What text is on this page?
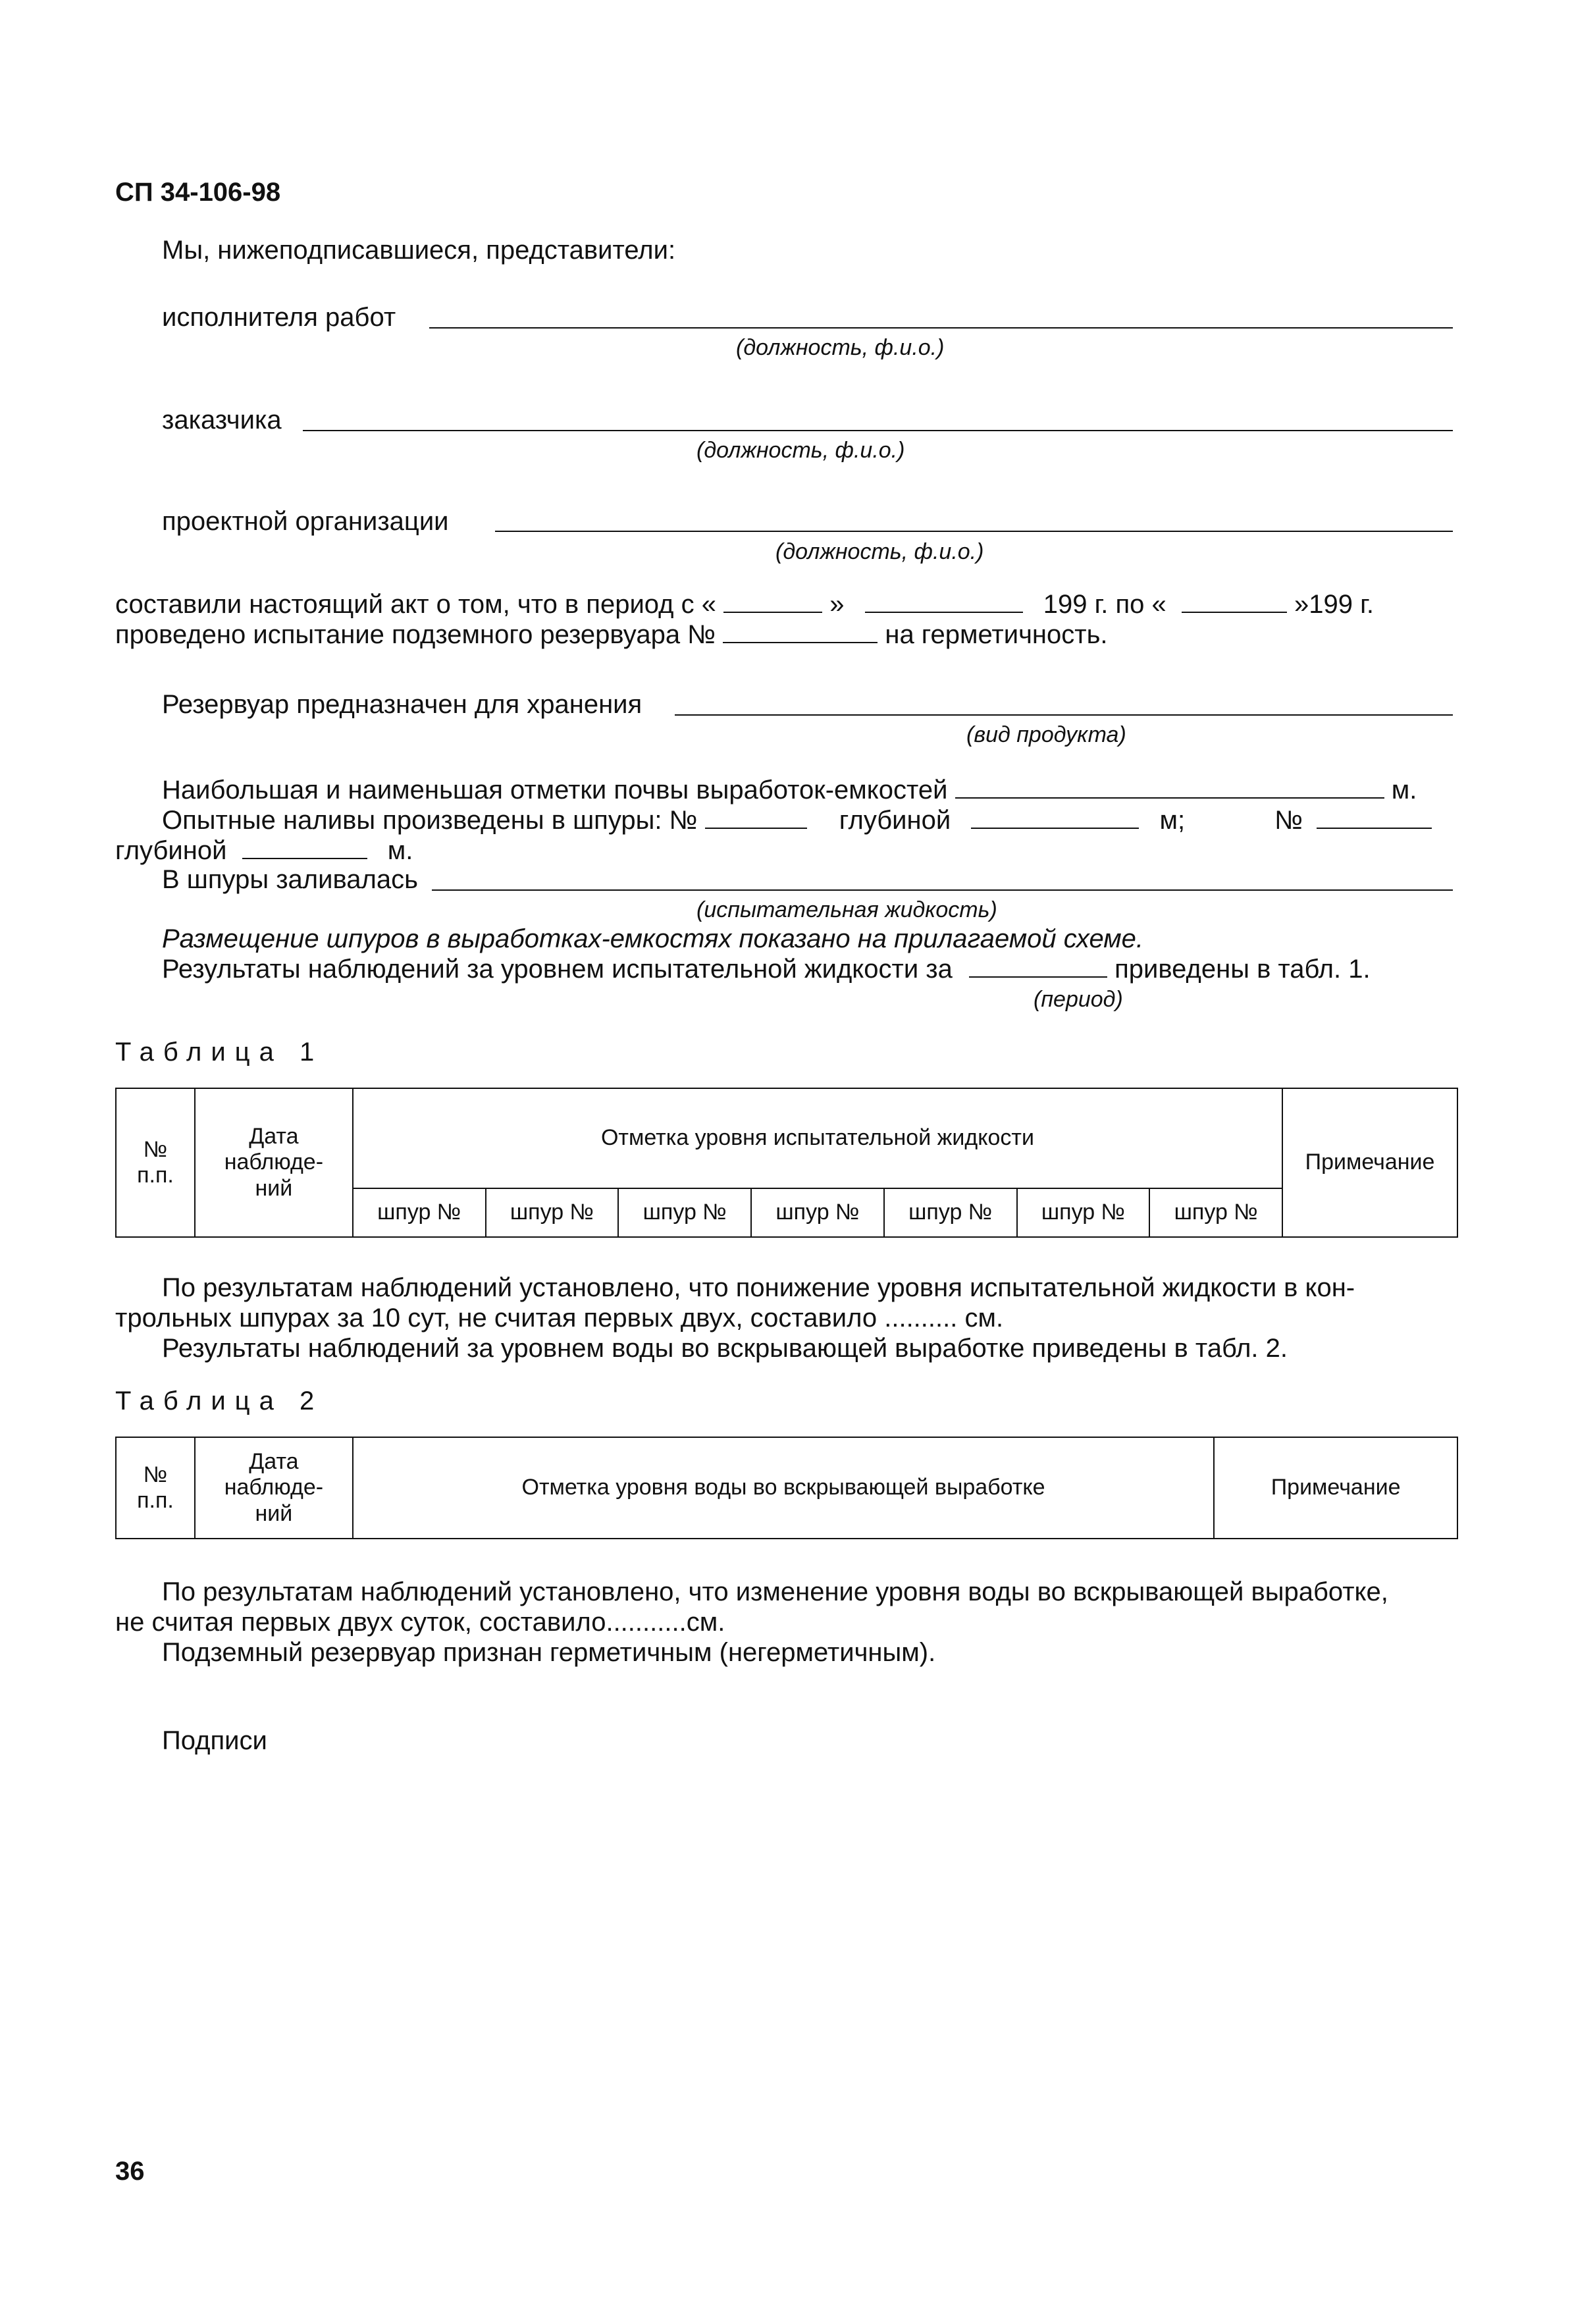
СП 34-106-98
Мы, нижеподписавшиеся, представители:
исполнителя работ
(должность, ф.и.о.)
заказчика
(должность, ф.и.о.)
проектной организации
(должность, ф.и.о.)
составили настоящий акт о том, что в период с «	»	199 г. по «	»199 г.
проведено испытание подземного резервуара №	на герметичность.
Резервуар предназначен для хранения
(вид продукта)
Наибольшая и наименьшая отметки почвы выработок-емкостей	м.
Опытные наливы произведены в шпуры: №	глубиной	м;	№
глубиной	м.
В шпуры заливалась
(испытательная жидкость)
Размещение шпуров в выработках-емкостях показано на прилагаемой схеме.
Результаты наблюдений за уровнем испытательной жидкости за	приведены в табл. 1.
(период)
Таблица 1
№ п.п.	Дата наблюде-ний	Отметка уровня испытательной жидкости							Примечание
		шпур №	шпур №	шпур №	шпур №	шпур №	шпур №	шпур №	
По результатам наблюдений установлено, что понижение уровня испытательной жидкости в кон-
трольных шпурах за 10 сут, не считая первых двух, составило .......... см.
Результаты наблюдений за уровнем воды во вскрывающей выработке приведены в табл. 2.
Таблица 2
№ п.п.	Дата наблюде-ний	Отметка уровня воды во вскрывающей выработке	Примечание
По результатам наблюдений установлено, что изменение уровня воды во вскрывающей выработке,
не считая первых двух суток, составило...........см.
Подземный резервуар признан герметичным (негерметичным).
Подписи
36
